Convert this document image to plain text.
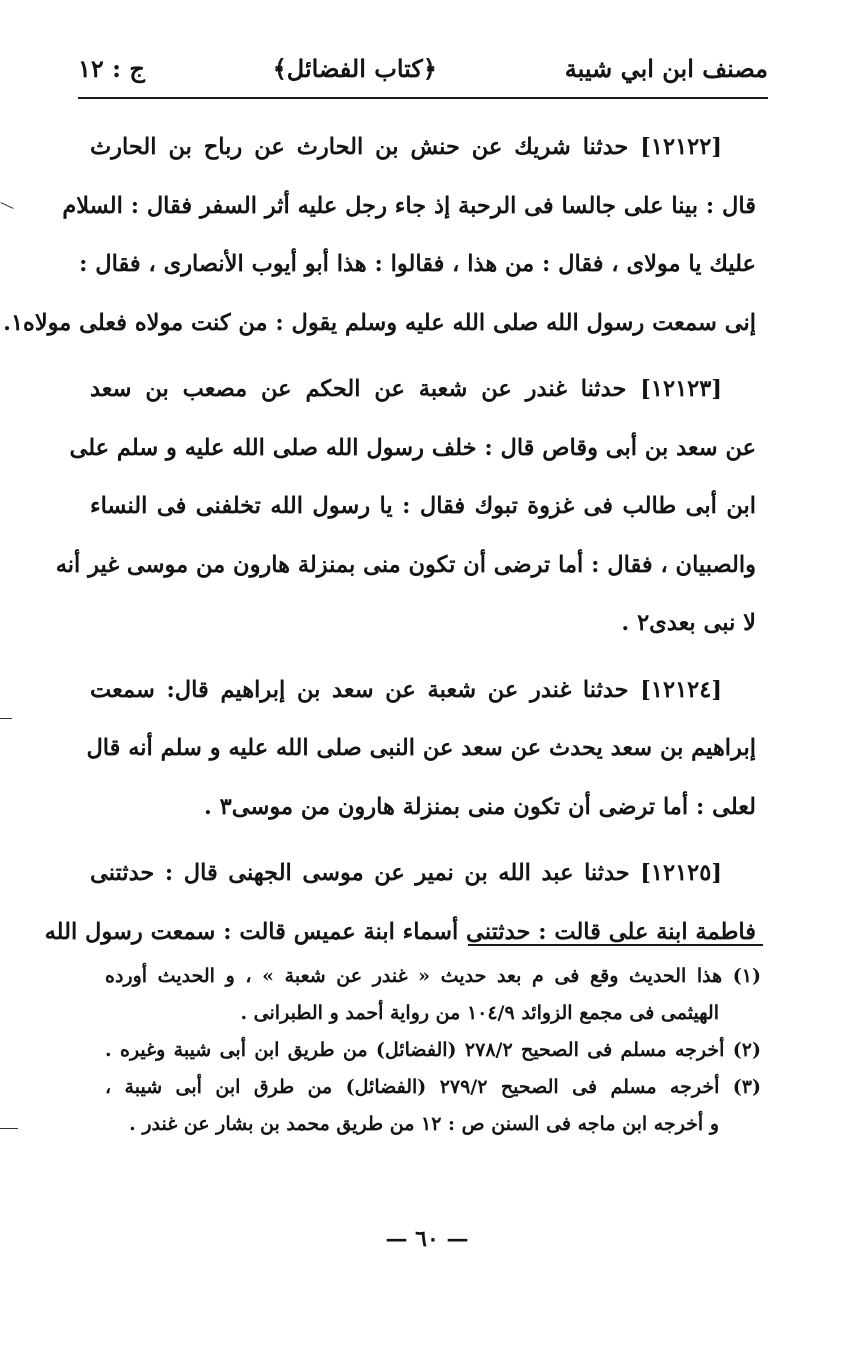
مصنف ابن ابي شيبة
﴿كتاب الفضائل﴾
ج : ١٢
[١٢١٢٢] حدثنا شريك عن حنش بن الحارث عن رباح بن الحارث
قال : بينا على جالسا فى الرحبة إذ جاء رجل عليه أثر السفر فقال : السلام
عليك يا مولاى ، فقال : من هذا ، فقالوا : هذا أبو أيوب الأنصارى ، فقال :
إنى سمعت رسول الله صلى الله عليه وسلم يقول : من كنت مولاه فعلى مولاه١.
[١٢١٢٣] حدثنا غندر عن شعبة عن الحكم عن مصعب بن سعد
عن سعد بن أبى وقاص قال : خلف رسول الله صلى الله عليه و سلم على
ابن أبى طالب فى غزوة تبوك فقال : يا رسول الله تخلفنى فى النساء
والصبيان ، فقال : أما ترضى أن تكون منى بمنزلة هارون من موسى غير أنه
لا نبى بعدى٢ .
[١٢١٢٤] حدثنا غندر عن شعبة عن سعد بن إبراهيم قال: سمعت
إبراهيم بن سعد يحدث عن سعد عن النبى صلى الله عليه و سلم أنه قال
لعلى : أما ترضى أن تكون منى بمنزلة هارون من موسى٣ .
[١٢١٢٥] حدثنا عبد الله بن نمير عن موسى الجهنى قال : حدثتنى
فاطمة ابنة على قالت : حدثتنى أسماء ابنة عميس قالت : سمعت رسول الله
(١) هذا الحديث وقع فى م بعد حديث « غندر عن شعبة » ، و الحديث أورده
الهيثمى فى مجمع الزوائد ١٠٤/٩ من رواية أحمد و الطبرانى .
(٢) أخرجه مسلم فى الصحيح ٢٧٨/٢ (الفضائل) من طريق ابن أبى شيبة وغيره .
(٣) أخرجه مسلم فى الصحيح ٢٧٩/٢ (الفضائل) من طرق ابن أبى شيبة ،
و أخرجه ابن ماجه فى السنن ص : ١٢ من طريق محمد بن بشار عن غندر .
— ٦٠ —
